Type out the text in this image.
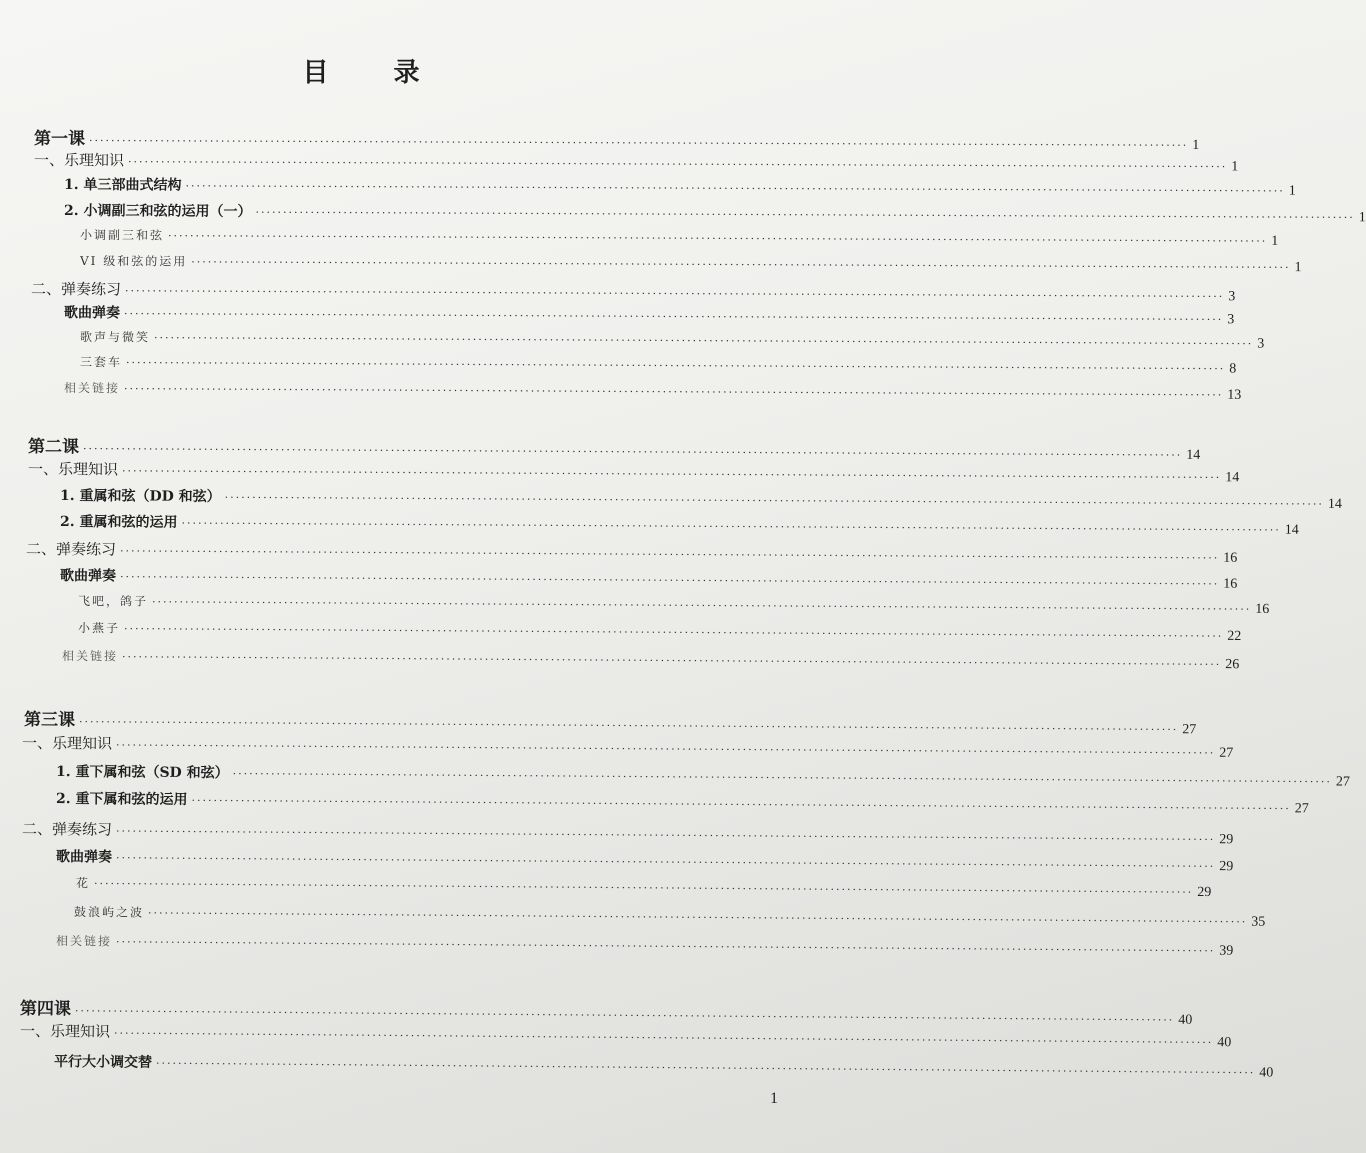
目 录
第一课 ········································································································································································································ 1
一、乐理知识 ········································································································································································································ 1
1. 单三部曲式结构 ········································································································································································································ 1
2. 小调副三和弦的运用（一） ········································································································································································································ 1
小调副三和弦 ········································································································································································································ 1
VI 级和弦的运用 ········································································································································································································ 1
二、弹奏练习 ········································································································································································································ 3
歌曲弹奏 ········································································································································································································ 3
歌声与微笑 ········································································································································································································ 3
三套车 ········································································································································································································ 8
相关链接 ········································································································································································································ 13
第二课 ········································································································································································································ 14
一、乐理知识 ········································································································································································································ 14
1. 重属和弦（DD 和弦） ········································································································································································································ 14
2. 重属和弦的运用 ········································································································································································································ 14
二、弹奏练习 ········································································································································································································ 16
歌曲弹奏 ········································································································································································································ 16
飞吧，鸽子 ········································································································································································································ 16
小燕子 ········································································································································································································ 22
相关链接 ········································································································································································································ 26
第三课 ········································································································································································································ 27
一、乐理知识 ········································································································································································································ 27
1. 重下属和弦（SD 和弦） ········································································································································································································ 27
2. 重下属和弦的运用 ········································································································································································································ 27
二、弹奏练习 ········································································································································································································ 29
歌曲弹奏 ········································································································································································································ 29
花 ········································································································································································································ 29
鼓浪屿之波 ········································································································································································································ 35
相关链接 ········································································································································································································ 39
第四课 ········································································································································································································ 40
一、乐理知识 ········································································································································································································ 40
平行大小调交替 ········································································································································································································ 40
1
